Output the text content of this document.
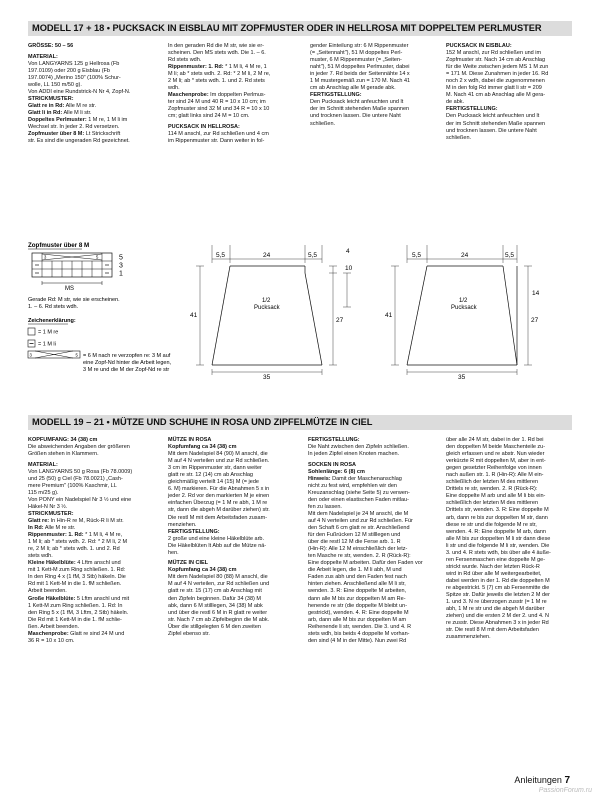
MODELL 17 + 18 • PUCKSACK IN EISBLAU MIT ZOPFMUSTER ODER IN HELLROSA MIT DOPPELTEM PERLMUSTER

GRÖSSE: 50 – 56

MATERIAL:

Von LANGYARNS 125 g Hellrosa (Fb

197.0109) oder 200 g Eisblau (Fb

197.0074) „Merino 150" (100% Schur-

wolle, LL 150 m/50 g).

Von ADDI eine Rundstrick-N Nr 4, Zopf-N.

STRICKMUSTER:

Glatt re in Rd: Alle M re str.

Glatt li in Rd: Alle M li str.

Doppeltes Perlmuster: 1 M re, 1 M li im

Wechsel str. In jeder 2. Rd versetzen.

Zopfmuster über 8 M: Lt Strickschrift

str. Es sind die ungeraden Rd gezeichnet.

In den geraden Rd die M str, wie sie er-

scheinen. Den MS stets wdh. Die 1. – 6.

Rd stets wdh.

Rippenmuster: 1. Rd: * 1 M li, 4 M re, 1

M li; ab * stets wdh. 2. Rd: * 2 M li, 2 M re,

2 M li; ab * stets wdh. 1. und 2. Rd stets

wdh.

Maschenprobe: Im doppelten Perlmus-

ter sind 24 M und 40 R = 10 x 10 cm; im

Zopfmuster sind 32 M und 34 R = 10 x 10

cm; glatt links sind 24 M = 10 cm.

PUCKSACK IN HELLROSA:

114 M anschl, zur Rd schließen und 4 cm

im Rippenmuster str. Dann weiter in fol-

gender Einteilung str: 6 M Rippenmuster

(= „Seitennaht"), 51 M doppeltes Perl-

muster, 6 M Rippenmuster (= „Seiten-

naht"), 51 M doppeltes Perlmuster, dabei

in jeder 7. Rd beids der Seitennähte 14 x

1 M mustergemäß zun = 170 M. Nach 41

cm ab Anschlag alle M gerade abk.

FERTIGSTELLUNG:

Den Pucksack leicht anfeuchten und lt

der im Schnitt stehenden Maße spannen

und trocknen lassen. Die untere Naht

schließen.

PUCKSACK IN EISBLAU:

152 M anschl, zur Rd schließen und im

Zopfmuster str. Nach 14 cm ab Anschlag

für die Weite zwischen jedem MS 1 M zun

= 171 M. Diese Zunahmen in jeder 16. Rd

noch 2 x wdh, dabei die zugenommenen

M in den folg Rd immer glatt li str = 209

M. Nach 41 cm ab Anschlag alle M gera-

de abk.

FERTIGSTELLUNG:

Den Pucksack leicht anfeuchten und lt

der im Schnitt stehenden Maße spannen

und trocknen lassen. Die untere Naht

schließen.

Zopfmuster über 8 M
3	5	5
3
1
MS
Gerade Rd: M str, wie sie erscheinen.
1. – 6. Rd stets wdh.
Zeichenerklärung:
= 1 M re
= 1 M li
3	5 = 6 M nach re verzopfen re: 3 M auf
eine Zopf-Nd hinter die Arbeit legen,
3 M re und die M der Zopf-Nd re str
5,5	24	5,5
4
10
41
1/2
Pucksack
27
35
5,5	24	5,5
14
41
1/2
Pucksack
27
35
MODELL 19 – 21 • MÜTZE UND SCHUHE IN ROSA UND ZIPFELMÜTZE IN CIEL

KOPFUMFANG: 34 (38) cm

Die abweichenden Angaben der größeren

Größen stehen in Klammern.

MATERIAL:

Von LANGYARNS 50 g Rosa (Fb 78.0009)

und 25 (50) g Ciel (Fb 78.0021) „Cash-

mere Premium" (100% Kaschmir, LL

115 m/25 g).

Von PONY ein Nadelspiel Nr 3 ½ und eine

Häkel-N Nr 3 ½.

STRICKMUSTER:

Glatt re: In Hin-R re M, Rück-R li M str.

In Rd: Alle M re str.

Rippenmuster: 1. Rd: * 1 M li, 4 M re,

1 M li; ab * stets wdh. 2. Rd: * 2 M li, 2 M

re, 2 M li; ab * stets wdh. 1. und 2. Rd

stets wdh.

Kleine Häkelblüte: 4 Lftm anschl und

mit 1 Kett-M zum Ring schließen. 1. Rd:

In den Ring 4 x (1 fM, 3 Stb) häkeln. Die

Rd mit 1 Kett-M in die 1. fM schließen.

Arbeit beenden.

Große Häkelblüte: 5 Lftm anschl und mit

1 Kett-M zum Ring schließen. 1. Rd: In

den Ring 5 x (1 fM, 3 Lftm, 2 Stb) häkeln.

Die Rd mit 1 Kett-M in die 1. fM schlie-

ßen. Arbeit beenden.

Maschenprobe: Glatt re sind 24 M und

36 R = 10 x 10 cm.

MÜTZE IN ROSA

Kopfumfang ca 34 (38) cm

Mit dem Nadelspiel 84 (90) M anschl, die

M auf 4 N verteilen und zur Rd schließen.

3 cm im Rippenmuster str, dann weiter

glatt re str. 12 (14) cm ab Anschlag

gleichmäßig verteilt 14 (15) M (= jede

6. M) markieren. Für die Abnahmen 5 x in

jeder 2. Rd vor den markierten M je einen

einfachen Überzug (= 1 M re abh, 1 M re

str, dann die abgeh M darüber ziehen) str.

Die restl M mit dem Arbeitsfaden zusam-

menziehen.

FERTIGSTELLUNG:

2 große und eine kleine Häkelblüte arb.

Die Häkelblüten lt Abb auf die Mütze nä-

hen.

MÜTZE IN CIEL

Kopfumfang ca 34 (38) cm

Mit dem Nadelspiel 80 (88) M anschl, die

M auf 4 N verteilen, zur Rd schließen und

glatt re str. 15 (17) cm ab Anschlag mit

den Zipfeln beginnen. Dafür 34 (38) M

abk, dann 6 M stilllegen, 34 (38) M abk

und über die restl 6 M in R glatt re weiter

str. Nach 7 cm ab Zipfelbeginn die M abk.

Über die stillgelegten 6 M den zweiten

Zipfel ebenso str.

FERTIGSTELLUNG:

Die Naht zwischen den Zipfeln schließen.

In jeden Zipfel einen Knoten machen.

SOCKEN IN ROSA

Sohlenlänge: 6 (8) cm

Hinweis: Damit der Maschenanschlag

nicht zu fest wird, empfehlen wir den

Kreuzanschlag (siehe Seite 5) zu verwen-

den oder einen elastischen Faden mitlau-

fen zu lassen.

Mit dem Nadelspiel je 24 M anschl, die M

auf 4 N verteilen und zur Rd schließen. Für

den Schaft 6 cm glatt re str. Anschließend

für den Fußrücken 12 M stilllegen und

über die restl 12 M die Ferse arb. 1. R

(Hin-R): Alle 12 M einschließlich der letz-

ten Masche re str, wenden. 2. R (Rück-R):

Eine doppelte M arbeiten. Dafür den Faden vor

die Arbeit legen, die 1. M li abh, M und

Faden zus abh und den Faden fest nach

hinten ziehen. Anschließend alle M li str,

wenden. 3. R: Eine doppelte M arbeiten,

dann alle M bis zur doppelten M am Re-

henende re str (die doppelte M bleibt un-

gestrickt), wenden. 4. R: Eine doppelte M

arb, dann alle M bis zur doppelten M am

Reihenende li str, wenden. Die 3. und 4. R

stets wdh, bis beids 4 doppelte M vorhan-

den sind (4 M in der Mitte). Nun zwei Rd

über alle 24 M str, dabei in der 1. Rd bei

den doppelten M beide Maschenteile zu-

gleich erfassen und re abstr. Nun wieder

verkürzte R mit doppelten M, aber in ent-

gegen gesetzter Reihenfolge von innen

nach außen str. 1. R (Hin-R): Alle M ein-

schließlich der letzten M des mittleren

Drittels re str, wenden. 2. R (Rück-R):

Eine doppelte M arb und alle M li bis ein-

schließlich der letzten M des mittleren

Drittels str, wenden. 3. R: Eine doppelte M

arb, dann re bis zur doppelten M str, dann

diese re str und die folgende M re str,

wenden. 4. R: Eine doppelte M arb, dann

alle M bis zur doppelten M li str dann diese

li str und die folgende M li str, wenden. Die

3. und 4. R stets wdh, bis über alle 4 äuße-

ren Fersenmaschen eine doppelte M ge-

strickt wurde. Nach der letzten Rück-R

wird in Rd über alle M weitergearbeitet,

dabei werden in der 1. Rd die doppelten M

re abgestrickt. 5 (7) cm ab Fersenmitte die

Spitze str. Dafür jeweils die letzten 2 M der

1. und 3. N re überzogen zusstr (= 1 M re

abh, 1 M re str und die abgeh M darüber

ziehen) und die ersten 2 M der 2. und 4. N

re zusstr. Diese Abnahmen 3 x in jeder Rd

str. Die restl 8 M mit dem Arbeitsfaden

zusammenziehen.

Anleitungen 7
PassionForum.ru
